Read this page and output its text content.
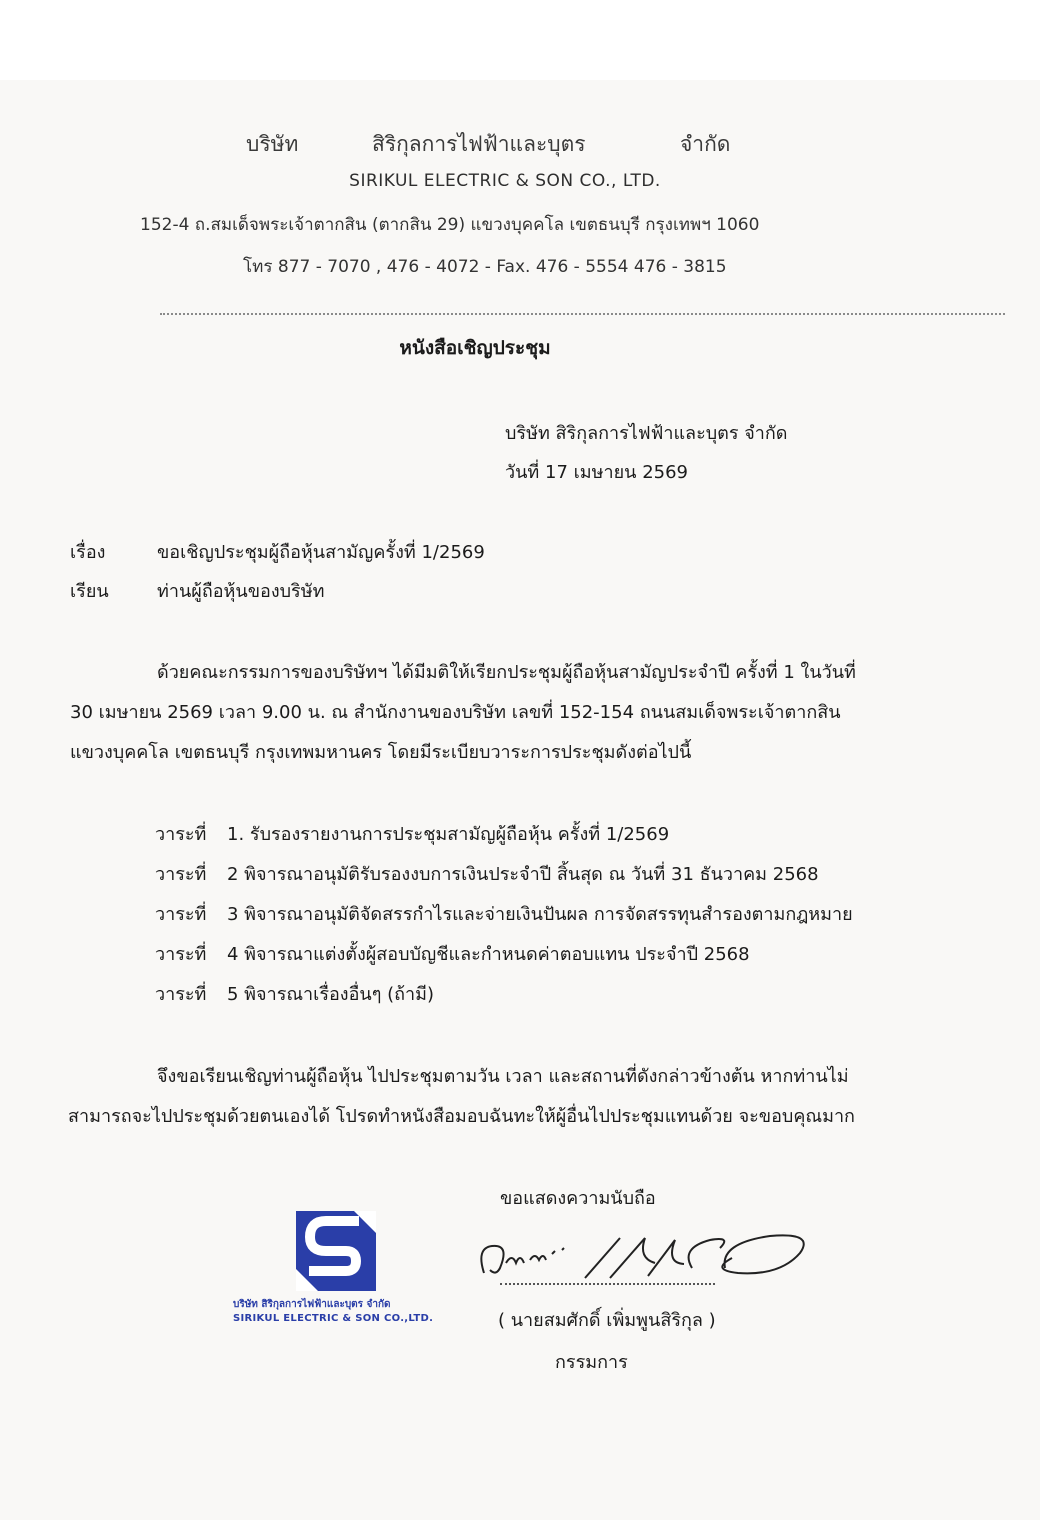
บริษัท	สิริกุลการไฟฟ้าและบุตร	จำกัด
SIRIKUL ELECTRIC & SON CO., LTD.
152-4 ถ.สมเด็จพระเจ้าตากสิน (ตากสิน 29) แขวงบุคคโล เขตธนบุรี กรุงเทพฯ 1060
โทร 877 - 7070 , 476 - 4072 - Fax. 476 - 5554 476 - 3815
หนังสือเชิญประชุม
บริษัท สิริกุลการไฟฟ้าและบุตร จำกัด
วันที่ 17 เมษายน 2569
เรื่อง	ขอเชิญประชุมผู้ถือหุ้นสามัญครั้งที่ 1/2569
เรียน	ท่านผู้ถือหุ้นของบริษัท
ด้วยคณะกรรมการของบริษัทฯ ได้มีมติให้เรียกประชุมผู้ถือหุ้นสามัญประจำปี ครั้งที่ 1 ในวันที่
30 เมษายน 2569 เวลา 9.00 น. ณ สำนักงานของบริษัท เลขที่ 152-154 ถนนสมเด็จพระเจ้าตากสิน
แขวงบุคคโล เขตธนบุรี กรุงเทพมหานคร โดยมีระเบียบวาระการประชุมดังต่อไปนี้
วาระที่ 1. รับรองรายงานการประชุมสามัญผู้ถือหุ้น ครั้งที่ 1/2569
วาระที่ 2 พิจารณาอนุมัติรับรองงบการเงินประจำปี สิ้นสุด ณ วันที่ 31 ธันวาคม 2568
วาระที่ 3 พิจารณาอนุมัติจัดสรรกำไรและจ่ายเงินปันผล การจัดสรรทุนสำรองตามกฎหมาย
วาระที่ 4 พิจารณาแต่งตั้งผู้สอบบัญชีและกำหนดค่าตอบแทน ประจำปี 2568
วาระที่ 5 พิจารณาเรื่องอื่นๆ (ถ้ามี)
จึงขอเรียนเชิญท่านผู้ถือหุ้น ไปประชุมตามวัน เวลา และสถานที่ดังกล่าวข้างต้น หากท่านไม่
สามารถจะไปประชุมด้วยตนเองได้ โปรดทำหนังสือมอบฉันทะให้ผู้อื่นไปประชุมแทนด้วย จะขอบคุณมาก
ขอแสดงความนับถือ
บริษัท สิริกุลการไฟฟ้าและบุตร จำกัด
SIRIKUL ELECTRIC & SON CO.,LTD.	( นายสมศักดิ์ เพิ่มพูนสิริกุล )
กรรมการ
